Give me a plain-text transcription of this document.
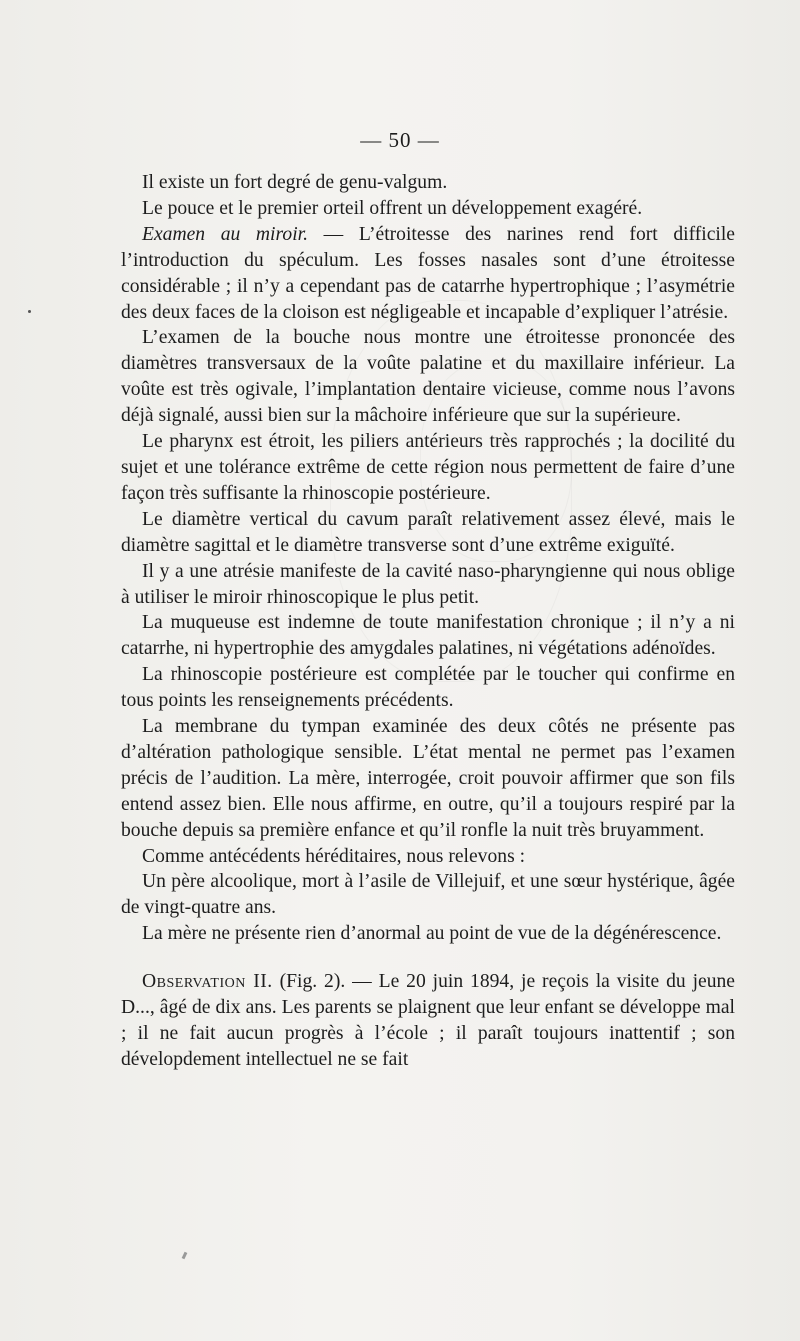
— 50 —

Il existe un fort degré de genu-valgum.

Le pouce et le premier orteil offrent un développement exagéré.

Examen au miroir. — L’étroitesse des narines rend fort difficile l’introduction du spéculum. Les fosses nasales sont d’une étroitesse considérable ; il n’y a cependant pas de catarrhe hypertrophique ; l’asymétrie des deux faces de la cloison est négligeable et incapable d’expliquer l’atrésie.

L’examen de la bouche nous montre une étroitesse prononcée des diamètres transversaux de la voûte palatine et du maxillaire inférieur. La voûte est très ogivale, l’implantation dentaire vicieuse, comme nous l’avons déjà signalé, aussi bien sur la mâchoire inférieure que sur la supérieure.

Le pharynx est étroit, les piliers antérieurs très rapprochés ; la docilité du sujet et une tolérance extrême de cette région nous permettent de faire d’une façon très suffisante la rhinoscopie postérieure.

Le diamètre vertical du cavum paraît relativement assez élevé, mais le diamètre sagittal et le diamètre transverse sont d’une extrême exiguïté.

Il y a une atrésie manifeste de la cavité naso-pharyngienne qui nous oblige à utiliser le miroir rhinoscopique le plus petit.

La muqueuse est indemne de toute manifestation chronique ; il n’y a ni catarrhe, ni hypertrophie des amygdales palatines, ni végétations adénoïdes.

La rhinoscopie postérieure est complétée par le toucher qui confirme en tous points les renseignements précédents.

La membrane du tympan examinée des deux côtés ne présente pas d’altération pathologique sensible. L’état mental ne permet pas l’examen précis de l’audition. La mère, interrogée, croit pouvoir affirmer que son fils entend assez bien. Elle nous affirme, en outre, qu’il a toujours respiré par la bouche depuis sa première enfance et qu’il ronfle la nuit très bruyamment.

Comme antécédents héréditaires, nous relevons :

Un père alcoolique, mort à l’asile de Villejuif, et une sœur hystérique, âgée de vingt-quatre ans.

La mère ne présente rien d’anormal au point de vue de la dégénérescence.

Observation II. (Fig. 2). — Le 20 juin 1894, je reçois la visite du jeune D..., âgé de dix ans. Les parents se plaignent que leur enfant se développe mal ; il ne fait aucun progrès à l’école ; il paraît toujours inattentif ; son dévelopdement intellectuel ne se fait
